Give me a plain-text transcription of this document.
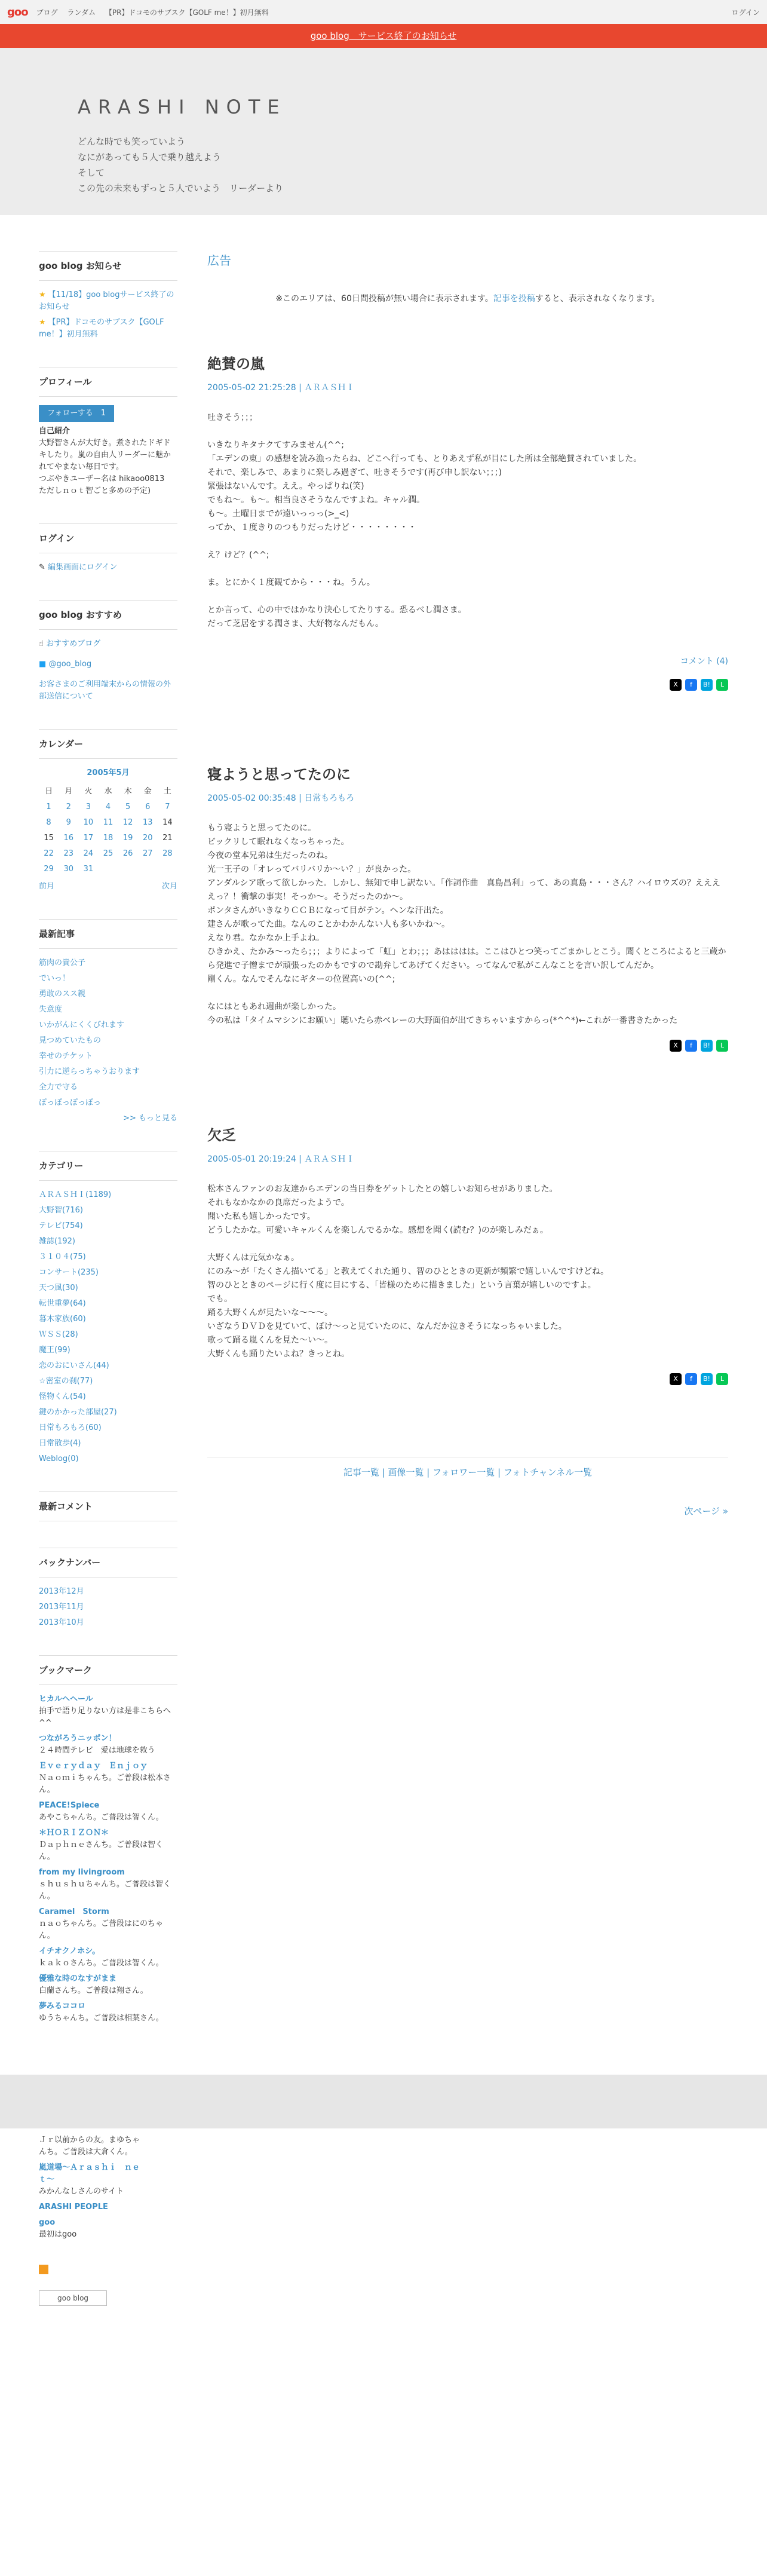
goo ブログ ランダム 【PR】ドコモのサブスク【GOLF me！】初月無料	ログイン
goo blog　サービス終了のお知らせ
ARASHI NOTE
どんな時でも笑っていよう
なにがあっても５人で乗り越えよう
そして
この先の未来もずっと５人でいよう　リーダーより
goo blog お知らせ
★ 【11/18】goo blogサービス終了のお知らせ
★ 【PR】ドコモのサブスク【GOLF me！】初月無料
プロフィール
フォローする　1
自己紹介
大野智さんが大好き。煮されたドギドキしたり。嵐の自由人リーダーに魅かれてやまない毎日です。
つぶやきユーザー名は hikaoo0813　ただしｎｏｔ智ごと多めの予定)
ログイン
✎ 編集画面にログイン
goo blog おすすめ
☝ おすすめブログ
■ @goo_blog
お客さまのご利用端末からの情報の外部送信について
カレンダー
2005年5月
日	月	火	水	木	金	土
1	2	3	4	5	6	7
8	9	10	11	12	13	14
15	16	17	18	19	20	21
22	23	24	25	26	27	28
29	30	31				
前月	次月
最新記事
筋肉の貴公子
でいっ！
勇敢のスス親
失意度
いかがんにくくびれます
見つめていたもの
幸せのチケット
引力に逆らっちゃうおります
全力で守る
ぽっぽっぽっぽっ
>> もっと見る
カテゴリー
ＡＲＡＳＨＩ(1189)
大野智(716)
テレビ(754)
雑誌(192)
３１０４(75)
コンサート(235)
天つ風(30)
転世重夢(64)
暮木家族(60)
ＷＳＳ(28)
魔王(99)
恋のおにいさん(44)
☆密室の刹(77)
怪物くん(54)
鍵のかかった部屋(27)
日常もろもろ(60)
日常散歩(4)
Weblog(0)
最新コメント
バックナンバー
2013年12月
2013年11月
2013年10月
ブックマーク
ヒカルヘヘール
拍手で語り足りない方は是非こちらへ^^
つながろうニッポン！
２４時間テレビ　愛は地球を救う
Ｅｖｅｒｙｄａｙ　Ｅｎｊｏｙ
Ｎａｏｍｉちゃんち。ご普段は松本さん。
PEACE!Spiece
あやこちゃんち。ご普段は智くん。
＊ＨＯＲＩＺＯＮ＊
Ｄａｐｈｎｅさんち。ご普段は智くん。
from my livingroom
ｓｈｕｓｈｕちゃんち。ご普段は智くん。
Caramel　Storm
ｎａｏちゃんち。ご普段はにのちゃん。
イチオクノホシ。
ｋａｋｏさんち。ご普段は智くん。
優雅な時のなすがまま
白蘭さんち。ご普段は翔さん。
夢みるココロ
ゆうちゃんち。ご普段は相葉さん。
広告
※このエリアは、60日間投稿が無い場合に表示されます。記事を投稿すると、表示されなくなります。
絶賛の嵐
2005-05-02 21:25:28 | ＡＲＡＳＨＩ

吐きそう；；；

いきなりキタナクてすみません(^^;

「エデンの東」の感想を読み漁ったらね、どこへ行っても、とりあえず私が目にした所は全部絶賛されていました。

それで、楽しみで、あまりに楽しみ過ぎて、吐きそうです(再び申し訳ない；；；)

緊張はないんです。ええ。やっぱりね(笑)

でもね～。も～。相当良さそうなんですよね。キャル潤。

も～。土曜日までが遠いっっっ(>_<)

ってか、１度きりのつもりだったけど・・・・・・・・

え？けど？(^^;

ま。とにかく１度観てから・・・ね。うん。

とか言って、心の中ではかなり決心してたりする。恐るべし潤さま。

だって芝居をする潤さま、大好物なんだもん。

コメント (4)
X	f	B!	L
寝ようと思ってたのに
2005-05-02 00:35:48 | 日常もろもろ

もう寝ようと思ってたのに。

ビックリして眠れなくなっちゃった。

今夜の堂本兄弟は生だったのね。

光一王子の「オレってバリバリか～い？」が良かった。

アンダルシア歌って欲しかった。しかし、無知で申し訳ない。「作詞作曲　真島昌利」って、あの真島・・・さん？ハイロウズの？ええええっ？！衝撃の事実！そっか～。そうだったのか～。

ポンタさんがいきなりＣＣＢになって目がテン。ヘンな汗出た。

建さんが歌ってた曲。なんのことかわかんない人も多いかね～。

えなり君。なかなか上手よね。

ひきかえ、たかみ～ったら；；；よりによって「虹」とわ；；；あはははは。ここはひとつ笑ってごまかしとこう。聞くところによると三蔵から発進で子憎までが頑張ったのかもですので勘弁してあげてください。ってなんで私がこんなことを言い訳してんだか。

剛くん。なんでそんなにギターの位置高いの(^^;

なにはともあれ週曲が楽しかった。

今の私は「タイムマシンにお願い」聴いたら赤べレーの大野面伯が出てきちゃいますからっ(*^^*)←これが一番書きたかった

X	f	B!	L
欠乏
2005-05-01 20:19:24 | ＡＲＡＳＨＩ

松本さんファンのお友達からエデンの当日券をゲットしたとの嬉しいお知らせがありました。

それもなかなかの良席だったようで。

聞いた私も嬉しかったです。

どうしたかな。可愛いキャルくんを楽しんでるかな。感想を聞く(読む？)のが楽しみだぁ。

大野くんは元気かなぁ。

にのみ～が「たくさん描いてる」と教えてくれた通り、智のひとときの更新が頻繁で嬉しいんですけどね。

智のひとときのページに行く度に目にする、「皆様のために描きました」という言葉が嬉しいのですよ。

でも。

踊る大野くんが見たいな～～～。

いざなうＤＶＤを見ていて、ぼけ～っと見ていたのに、なんだか泣きそうになっちゃいました。

歌って踊る嵐くんを見た～い～。

大野くんも踊りたいよね？きっとね。

X	f	B!	L
記事一覧 | 画像一覧 | フォロワー一覧 | フォトチャンネル一覧
次ページ »
Ｊｒ以前からの友。まゆちゃんち。ご普段は大倉くん。
嵐道場～Ａｒａｓｈｉ　ｎｅｔ～
みかんなしさんのサイト
ARASHI PEOPLE
goo
最初はgoo
goo blog
